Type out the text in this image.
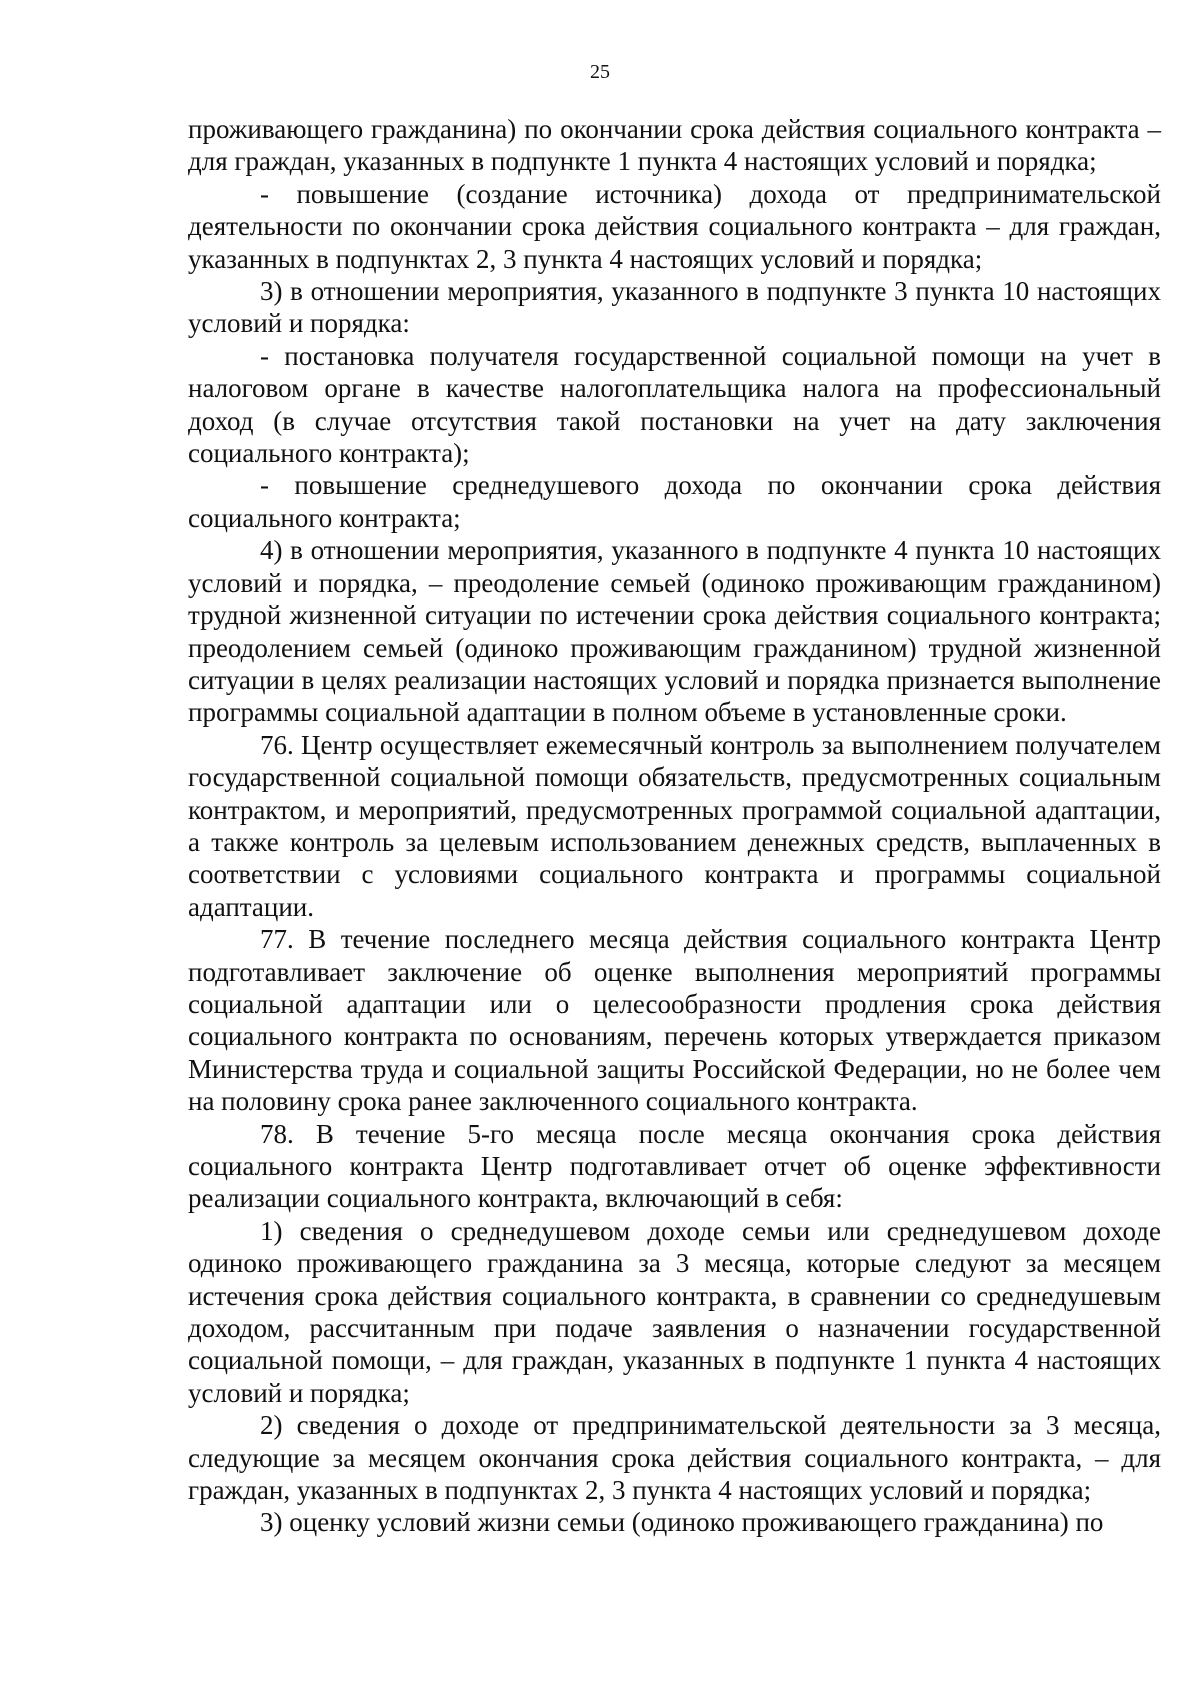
25

проживающего гражданина) по окончании срока действия социального контракта – для граждан, указанных в подпункте 1 пункта 4 настоящих условий и порядка;

- повышение (создание источника) дохода от предпринимательской деятельности по окончании срока действия социального контракта – для граждан, указанных в подпунктах 2, 3 пункта 4 настоящих условий и порядка;

3) в отношении мероприятия, указанного в подпункте 3 пункта 10 настоящих условий и порядка:

- постановка получателя государственной социальной помощи на учет в налоговом органе в качестве налогоплательщика налога на профессиональный доход (в случае отсутствия такой постановки на учет на дату заключения социального контракта);

- повышение среднедушевого дохода по окончании срока действия социального контракта;

4) в отношении мероприятия, указанного в подпункте 4 пункта 10 настоящих условий и порядка, – преодоление семьей (одиноко проживающим гражданином) трудной жизненной ситуации по истечении срока действия социального контракта; преодолением семьей (одиноко проживающим гражданином) трудной жизненной ситуации в целях реализации настоящих условий и порядка признается выполнение программы социальной адаптации в полном объеме в установленные сроки.

76. Центр осуществляет ежемесячный контроль за выполнением получателем государственной социальной помощи обязательств, предусмотренных социальным контрактом, и мероприятий, предусмотренных программой социальной адаптации, а также контроль за целевым использованием денежных средств, выплаченных в соответствии с условиями социального контракта и программы социальной адаптации.

77. В течение последнего месяца действия социального контракта Центр подготавливает заключение об оценке выполнения мероприятий программы социальной адаптации или о целесообразности продления срока действия социального контракта по основаниям, перечень которых утверждается приказом Министерства труда и социальной защиты Российской Федерации, но не более чем на половину срока ранее заключенного социального контракта.

78. В течение 5-го месяца после месяца окончания срока действия социального контракта Центр подготавливает отчет об оценке эффективности реализации социального контракта, включающий в себя:

1) сведения о среднедушевом доходе семьи или среднедушевом доходе одиноко проживающего гражданина за 3 месяца, которые следуют за месяцем истечения срока действия социального контракта, в сравнении со среднедушевым доходом, рассчитанным при подаче заявления о назначении государственной социальной помощи, – для граждан, указанных в подпункте 1 пункта 4 настоящих условий и порядка;

2) сведения о доходе от предпринимательской деятельности за 3 месяца, следующие за месяцем окончания срока действия социального контракта, – для граждан, указанных в подпунктах 2, 3 пункта 4 настоящих условий и порядка;

3) оценку условий жизни семьи (одиноко проживающего гражданина) по
